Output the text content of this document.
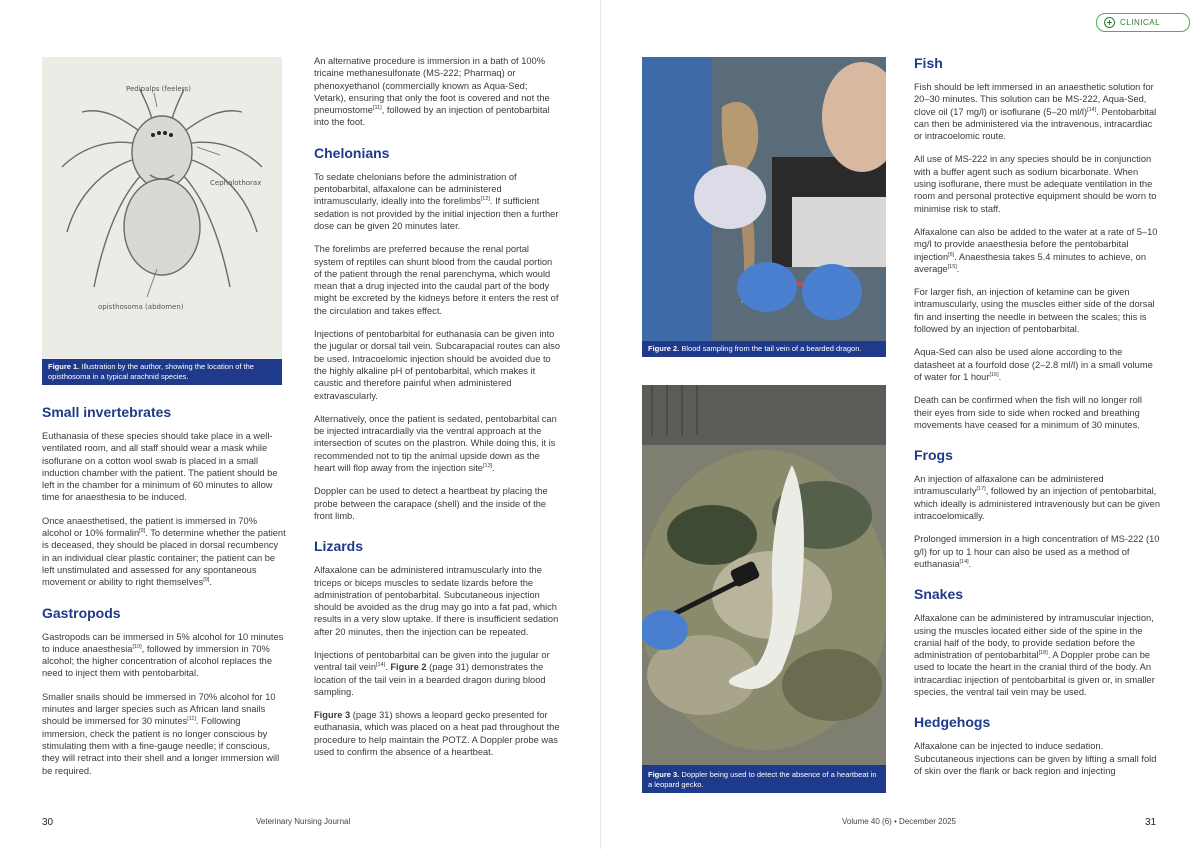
CLINICAL
Pedipalps (feelers)
Cephalothorax
opisthosoma (abdomen)
Figure 1. Illustration by the author, showing the location of the opisthosoma in a typical arachnid species.
Figure 2. Blood sampling from the tail vein of a bearded dragon.
Figure 3. Doppler being used to detect the absence of a heartbeat in a leopard gecko.
Small invertebrates

Euthanasia of these species should take place in a well-ventilated room, and all staff should wear a mask while isoflurane on a cotton wool swab is placed in a small induction chamber with the patient. The patient should be left in the chamber for a minimum of 60 minutes to allow time for anaesthesia to be induced.

Once anaesthetised, the patient is immersed in 70% alcohol or 10% formalin[9]. To determine whether the patient is deceased, they should be placed in dorsal recumbency in an individual clear plastic container; the patient can be left unstimulated and assessed for any spontaneous movement or ability to right themselves[9].

Gastropods

Gastropods can be immersed in 5% alcohol for 10 minutes to induce anaesthesia[10], followed by immersion in 70% alcohol; the higher concentration of alcohol replaces the need to inject them with pentobarbital.

Smaller snails should be immersed in 70% alcohol for 10 minutes and larger species such as African land snails should be immersed for 30 minutes[11]. Following immersion, check the patient is no longer conscious by stimulating them with a fine-gauge needle; if conscious, they will retract into their shell and a longer immersion will be required.

An alternative procedure is immersion in a bath of 100% tricaine methanesulfonate (MS-222; Pharmaq) or phenoxyethanol (commercially known as Aqua-Sed; Vetark), ensuring that only the foot is covered and not the pneumostome[11], followed by an injection of pentobarbital into the foot.

Chelonians

To sedate chelonians before the administration of pentobarbital, alfaxalone can be administered intramuscularly, ideally into the forelimbs[12]. If sufficient sedation is not provided by the initial injection then a further dose can be given 20 minutes later.

The forelimbs are preferred because the renal portal system of reptiles can shunt blood from the caudal portion of the patient through the renal parenchyma, which would mean that a drug injected into the caudal part of the body might be excreted by the kidneys before it enters the rest of the circulation and takes effect.

Injections of pentobarbital for euthanasia can be given into the jugular or dorsal tail vein. Subcarapacial routes can also be used. Intracoelomic injection should be avoided due to the highly alkaline pH of pentobarbital, which makes it caustic and therefore painful when administered extravascularly.

Alternatively, once the patient is sedated, pentobarbital can be injected intracardially via the ventral approach at the intersection of scutes on the plastron. While doing this, it is recommended not to tip the animal upside down as the heart will flop away from the injection site[13].

Doppler can be used to detect a heartbeat by placing the probe between the carapace (shell) and the inside of the front limb.

Lizards

Alfaxalone can be administered intramuscularly into the triceps or biceps muscles to sedate lizards before the administration of pentobarbital. Subcutaneous injection should be avoided as the drug may go into a fat pad, which results in a very slow uptake. If there is insufficient sedation after 20 minutes, then the injection can be repeated.

Injections of pentobarbital can be given into the jugular or ventral tail vein[14]. Figure 2 (page 31) demonstrates the location of the tail vein in a bearded dragon during blood sampling.

Figure 3 (page 31) shows a leopard gecko presented for euthanasia, which was placed on a heat pad throughout the procedure to help maintain the POTZ. A Doppler probe was used to confirm the absence of a heartbeat.

Fish

Fish should be left immersed in an anaesthetic solution for 20–30 minutes. This solution can be MS-222, Aqua-Sed, clove oil (17 mg/l) or isoflurane (5–20 ml/l)[14]. Pentobarbital can then be administered via the intravenous, intracardiac or intracoelomic route.

All use of MS-222 in any species should be in conjunction with a buffer agent such as sodium bicarbonate. When using isoflurane, there must be adequate ventilation in the room and personal protective equipment should be worn to minimise risk to staff.

Alfaxalone can also be added to the water at a rate of 5–10 mg/l to provide anaesthesia before the pentobarbital injection[6]. Anaesthesia takes 5.4 minutes to achieve, on average[15].

For larger fish, an injection of ketamine can be given intramuscularly, using the muscles either side of the dorsal fin and inserting the needle in between the scales; this is followed by an injection of pentobarbital.

Aqua-Sed can also be used alone according to the datasheet at a fourfold dose (2–2.8 ml/l) in a small volume of water for 1 hour[16].

Death can be confirmed when the fish will no longer roll their eyes from side to side when rocked and breathing movements have ceased for a minimum of 30 minutes.

Frogs

An injection of alfaxalone can be administered intramuscularly[17], followed by an injection of pentobarbital, which ideally is administered intravenously but can be given intracoelomically.

Prolonged immersion in a high concentration of MS-222 (10 g/l) for up to 1 hour can also be used as a method of euthanasia[14].

Snakes

Alfaxalone can be administered by intramuscular injection, using the muscles located either side of the spine in the cranial half of the body, to provide sedation before the administration of pentobarbital[18]. A Doppler probe can be used to locate the heart in the cranial third of the body. An intracardiac injection of pentobarbital is given or, in smaller species, the ventral tail vein may be used.

Hedgehogs

Alfaxalone can be injected to induce sedation. Subcutaneous injections can be given by lifting a small fold of skin over the flank or back region and injecting

30	Veterinary Nursing Journal	Volume 40 (6) • December 2025	31
